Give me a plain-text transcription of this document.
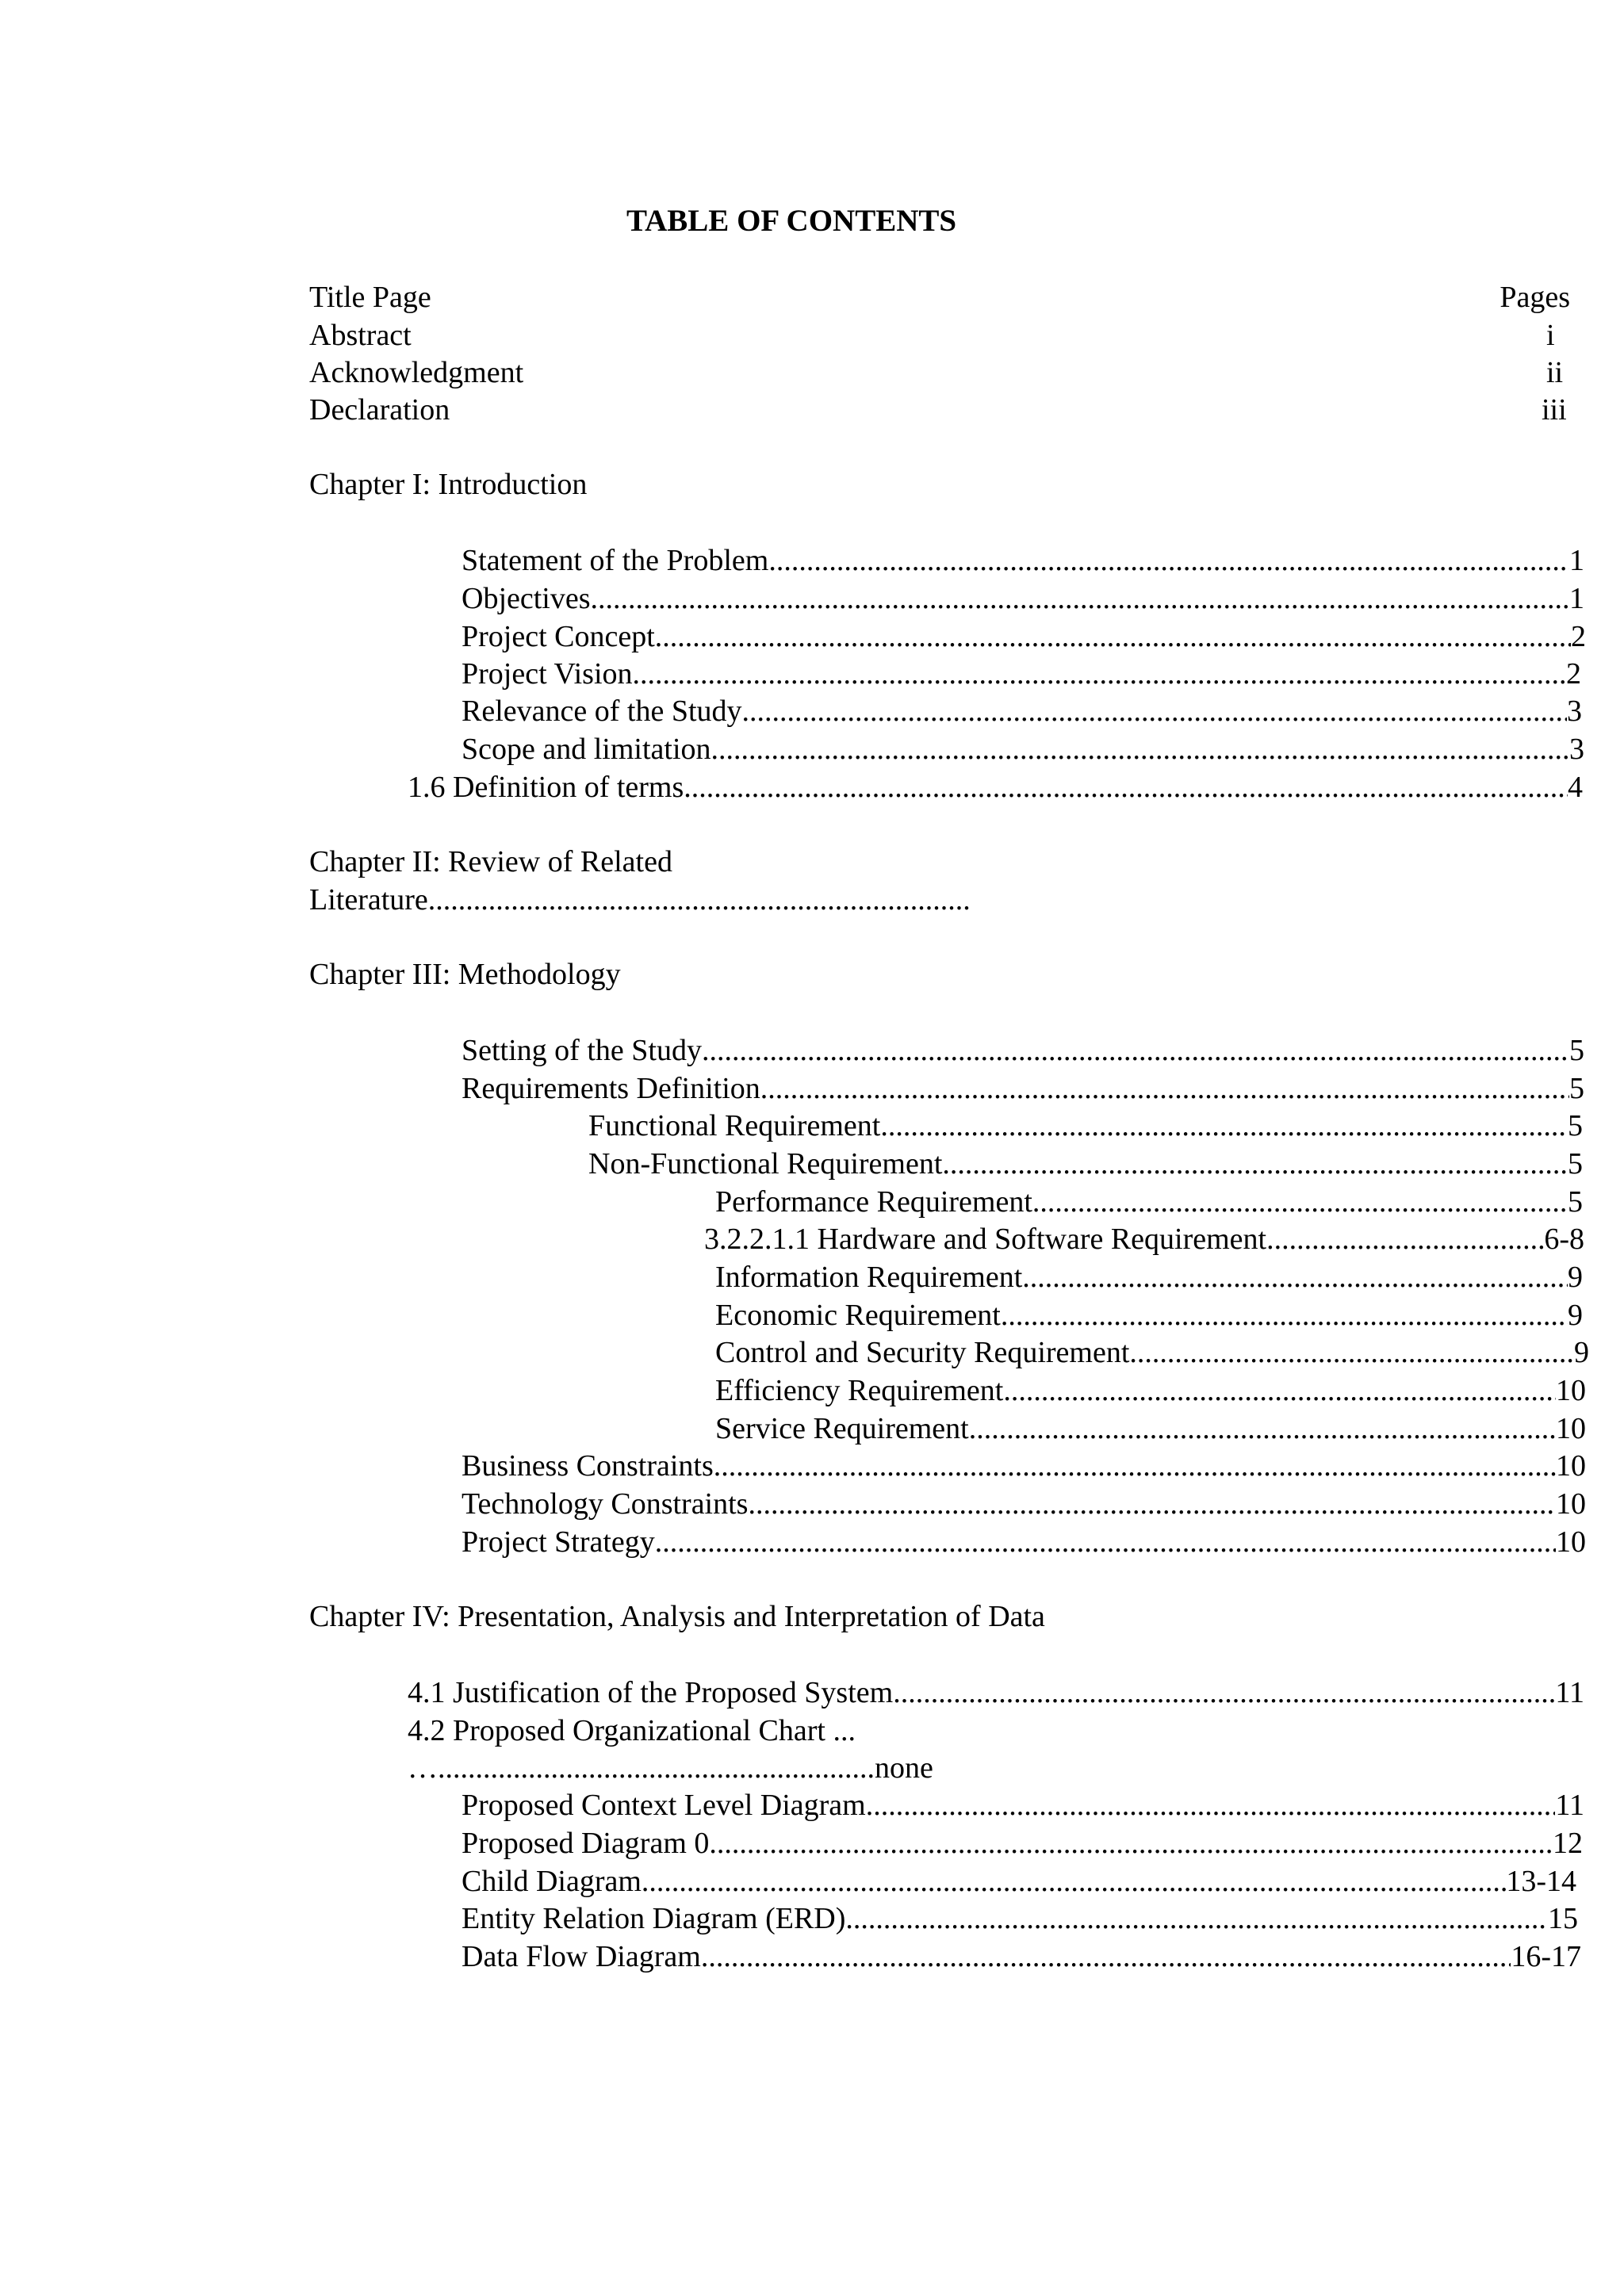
TABLE OF CONTENTS

Title Page	Pages

Abstract	i

Acknowledgment	ii

Declaration	iii

Chapter I: Introduction

Statement of the Problem .....	1
Objectives .....	1
Project Concept .....	2
Project Vision .....	2
Relevance of the Study .....	3
Scope and limitation .....	3
1.6 Definition of terms. .....	4

Chapter II: Review of Related

Literature........................................................................

Chapter III: Methodology

Setting of the Study .....	5
Requirements Definition .....	5
Functional Requirement .....	5
Non-Functional Requirement .....	5
Performance Requirement .....	5
3.2.2.1.1 Hardware and Software Requirement .....	6-8
Information Requirement .....	9
Economic Requirement .....	9
Control and Security Requirement .....	9
Efficiency Requirement .....	10
Service Requirement .....	10
Business Constraints .....	10
Technology Constraints .....	10
Project Strategy .....	10

Chapter IV: Presentation, Analysis and Interpretation of Data

4.1 Justification of the Proposed System .....	11

4.2 Proposed Organizational Chart ...

…..........................................................none

Proposed Context Level Diagram .....	11
Proposed Diagram 0 .....	12
Child Diagram .....	13-14
Entity Relation Diagram (ERD) .....	15
Data Flow Diagram .....	16-17
